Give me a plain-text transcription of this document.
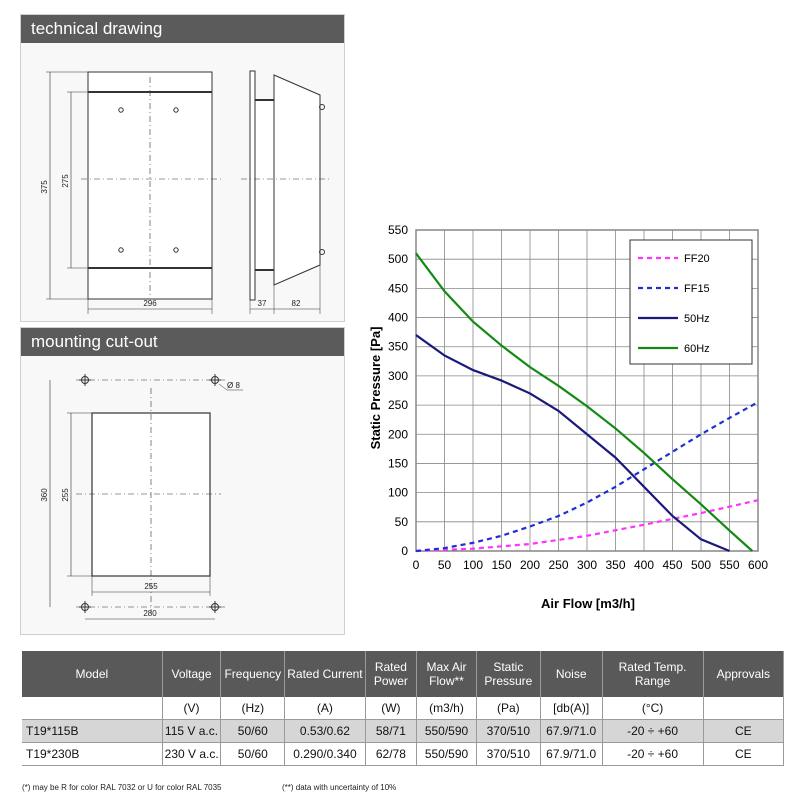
technical drawing
375 275
296	37	82
mounting cut-out
Ø 8
360 255
255
280
0 50 100 150 200 250 300 350 400 450 500 550 600
0
50
100
150
200
250
300
350
400
450
500
550
FF20
FF15
50Hz
60Hz
Air Flow [m3/h]
Static Pressure [Pa]
Model	Voltage	Frequency	Rated Current	Rated Power	Max Air Flow**	Static Pressure	Noise	Rated Temp. Range	Approvals
	(V)	(Hz)	(A)	(W)	(m3/h)	(Pa)	[db(A)]	(°C)	
T19*115B	115 V a.c.	50/60	0.53/0.62	58/71	550/590	370/510	67.9/71.0	-20 ÷ +60	CE
T19*230B	230 V a.c.	50/60	0.290/0.340	62/78	550/590	370/510	67.9/71.0	-20 ÷ +60	CE
(*) may be R for color RAL 7032 or U for color RAL 7035	(**) data with uncertainty of 10%
